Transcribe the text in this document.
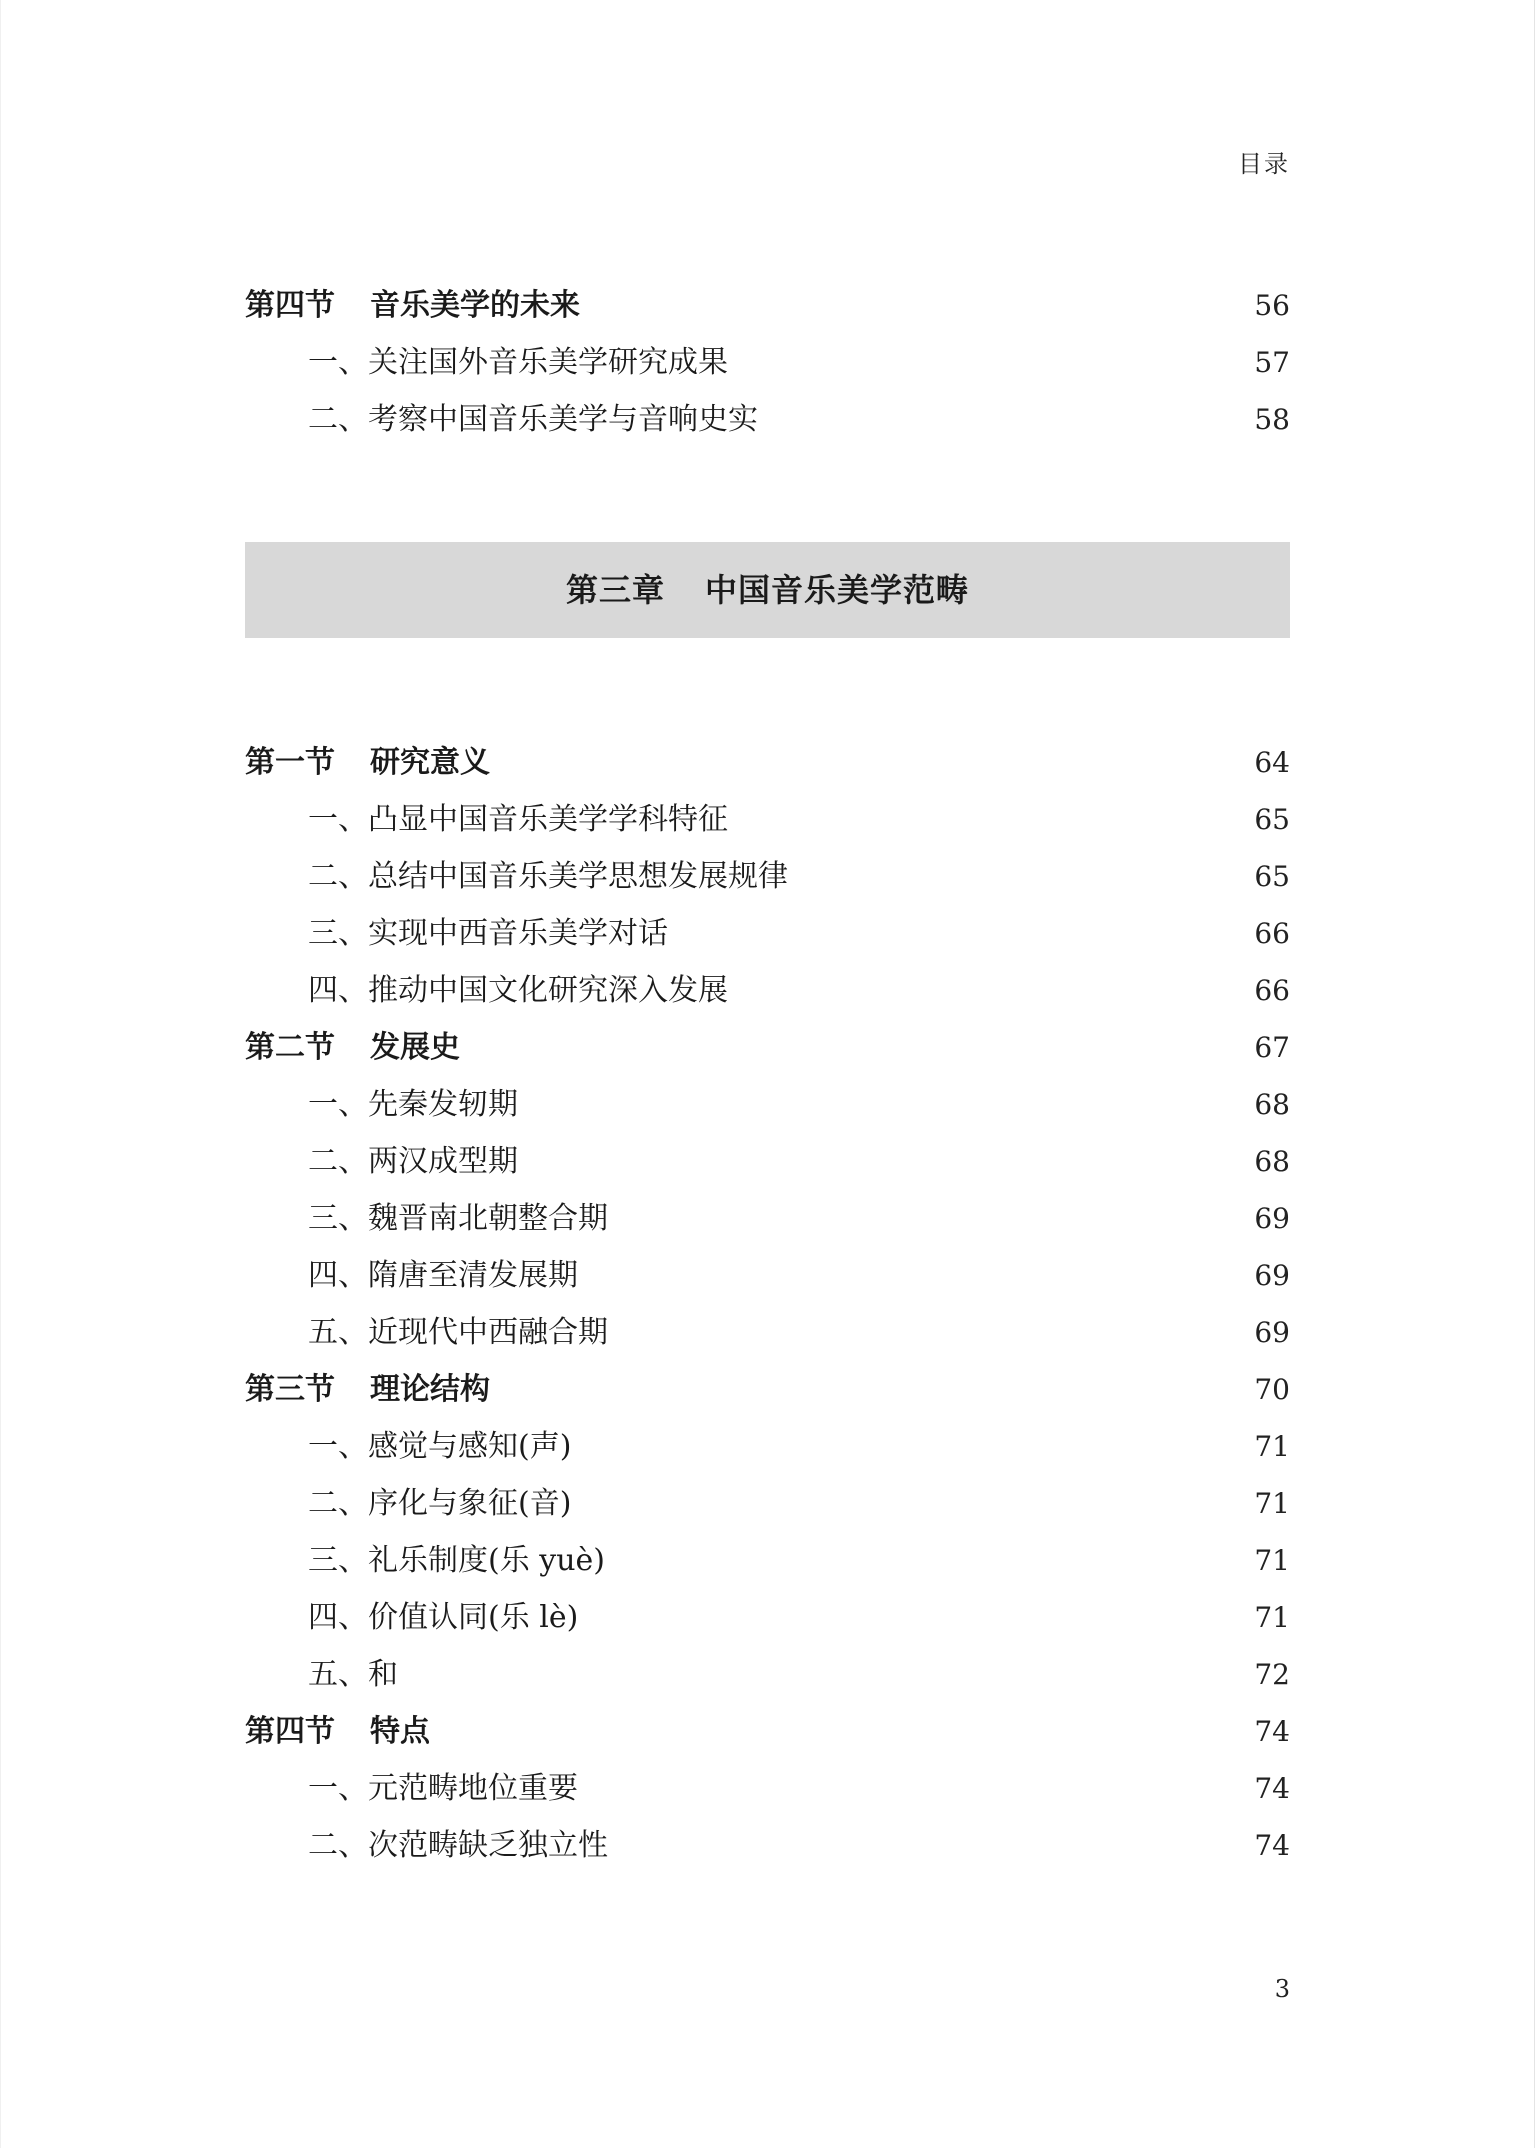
目录
第四节 音乐美学的未来	56
一、关注国外音乐美学研究成果	57
二、考察中国音乐美学与音响史实	58
第三章 中国音乐美学范畴
第一节 研究意义	64
一、凸显中国音乐美学学科特征	65
二、总结中国音乐美学思想发展规律	65
三、实现中西音乐美学对话	66
四、推动中国文化研究深入发展	66
第二节 发展史	67
一、先秦发轫期	68
二、两汉成型期	68
三、魏晋南北朝整合期	69
四、隋唐至清发展期	69
五、近现代中西融合期	69
第三节 理论结构	70
一、感觉与感知(声)	71
二、序化与象征(音)	71
三、礼乐制度(乐 yuè)	71
四、价值认同(乐 lè)	71
五、和	72
第四节 特点	74
一、元范畴地位重要	74
二、次范畴缺乏独立性	74
3
